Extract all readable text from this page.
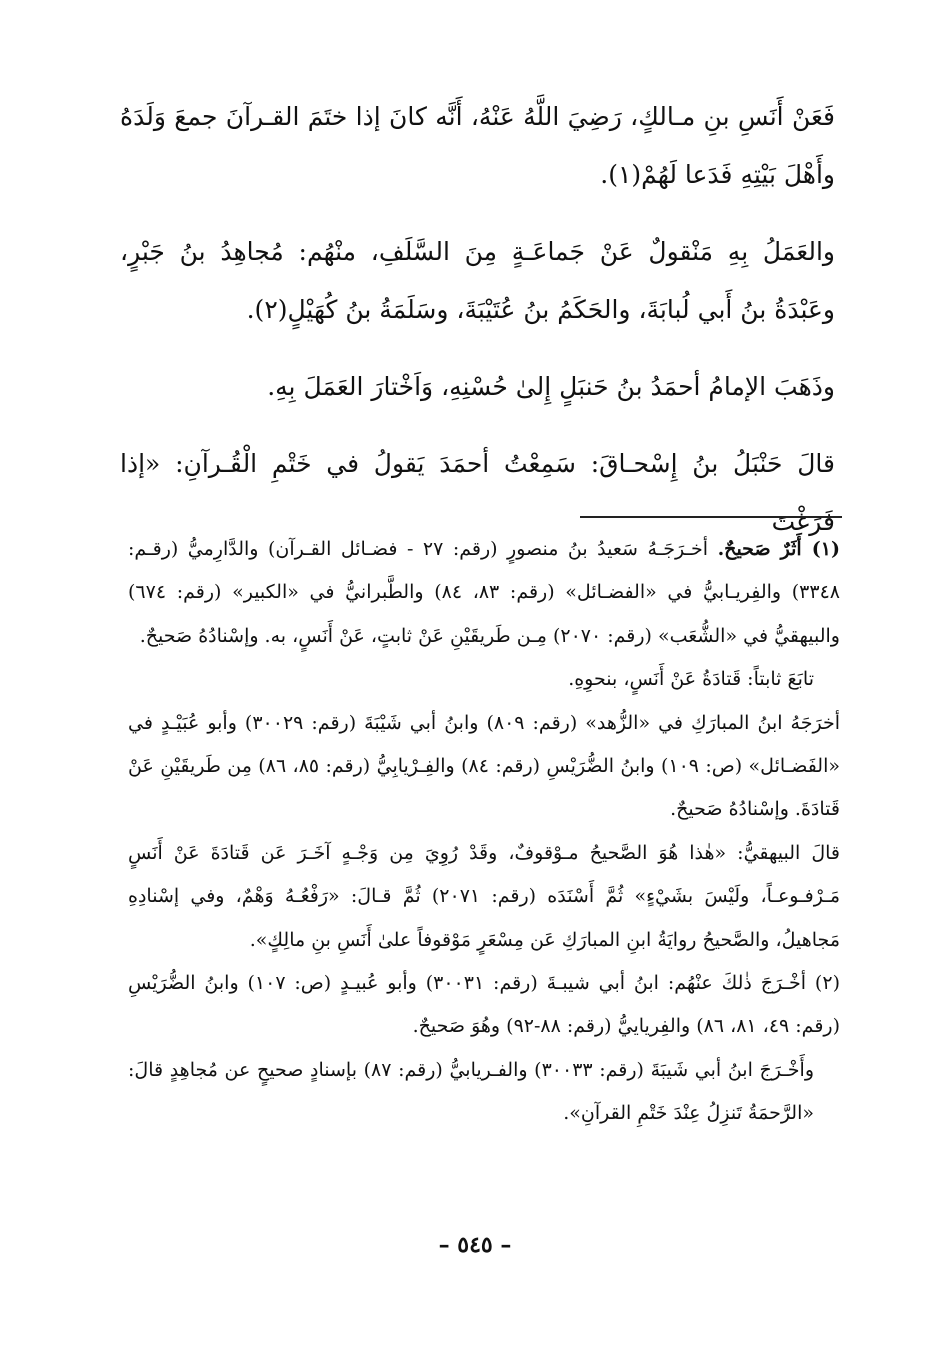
فَعَنْ أَنَسِ بنِ مـالكٍ، رَضِيَ اللَّهُ عَنْهُ، أَنَّه كانَ إذا ختَمَ القـرآنَ جمعَ وَلَدَهُ وأَهْلَ بَيْتِهِ فَدَعا لَهُمْ(١).

والعَمَلُ بِهِ مَنْقولٌ عَنْ جَماعَـةٍ مِنَ السَّلَفِ، منْهُم: مُجاهِدُ بنُ جَبْرٍ، وعَبْدَةُ بنُ أَبي لُبابَةَ، والحَكَمُ بنُ عُتَيْبَةَ، وسَلَمَةُ بنُ كُهَيْلٍ(٢).

وذَهَبَ الإمامُ أحمَدُ بنُ حَنبَلٍ إِلىٰ حُسْنِهِ، وَاَخْتارَ العَمَلَ بِهِ.

قالَ حَنْبَلُ بنُ إِسْحـاقَ: سَمِعْتُ أحمَدَ يَقولُ في خَتْمِ الْقُـرآنِ: «إذا فَرَغْتَ

(١) أَثَرٌ صَحيحٌ. أخـرَجَـهُ سَعيدُ بنُ منصورٍ (رقم: ٢٧ - فضـائل القـرآن) والدَّارِميُّ (رقـم: ٣٣٤٨) والفِريـابيُّ في «الفضـائل» (رقم: ٨٣، ٨٤) والطَّبرانيُّ في «الكبير» (رقم: ٦٧٤) والبيهقيُّ في «الشُّعَب» (رقم: ٢٠٧٠) مِـن طَريقَيْنِ عَنْ ثابتٍ، عَنْ أَنَسٍ، به. وإسْنادُهُ صَحيحٌ.

تابَعَ ثابتاً: قَتادَةُ عَنْ أَنَسٍ، بنحوِهِ.

أخرَجَهُ ابنُ المبارَكِ في «الزُّهد» (رقم: ٨٠٩) وابنُ أبي شَيْبَةَ (رقم: ٣٠٠٢٩) وأبو عُبَيْـدٍ في «الفَضـائل» (ص: ١٠٩) وابنُ الضُّرَيْسِ (رقم: ٨٤) والفِـرْيابِيُّ (رقم: ٨٥، ٨٦) مِن طَريقَيْنِ عَنْ قَتادَةَ. وإسْنادُهُ صَحيحٌ.

قالَ البيهقيُّ: «هٰذا هُوَ الصَّحيحُ مـوْقوفٌ، وقَدْ رُوِيَ مِن وَجْـهٍ آخَـرَ عَن قَتادَةَ عَنْ أَنَسٍ مَـرْفـوعـاً، ولَيْسَ بشَيْءٍ» ثُمَّ أَسْنَدَه (رقم: ٢٠٧١) ثُمَّ قـالَ: «رَفْعُـهُ وَهْمٌ، وفي إسْنادِهِ مَجاهيلُ، والصَّحيحُ روايَةُ ابنِ المبارَكِ عَن مِسْعَرٍ مَوْقوفاً علىٰ أَنَسِ بنِ مالِكٍ».

(٢) أخْـرَجَ ذٰلكَ عنْهُم: ابنُ أبي شيبـةَ (رقم: ٣٠٠٣١) وأبو عُبيـدٍ (ص: ١٠٧) وابنُ الضُّرَيْسِ (رقم: ٤٩، ٨١، ٨٦) والفِرياييُّ (رقم: ٨٨-٩٢) وهُوَ صَحيحٌ.

وأَخْـرَجَ ابنُ أبي شَيبَةَ (رقم: ٣٠٠٣٣) والفـريابيُّ (رقم: ٨٧) بإسنادٍ صحيحٍ عن مُجاهِدٍ قالَ: «الرَّحمَةُ تَنزِلُ عِنْدَ خَتْمِ القرآنِ».

– ٥٤٥ –
